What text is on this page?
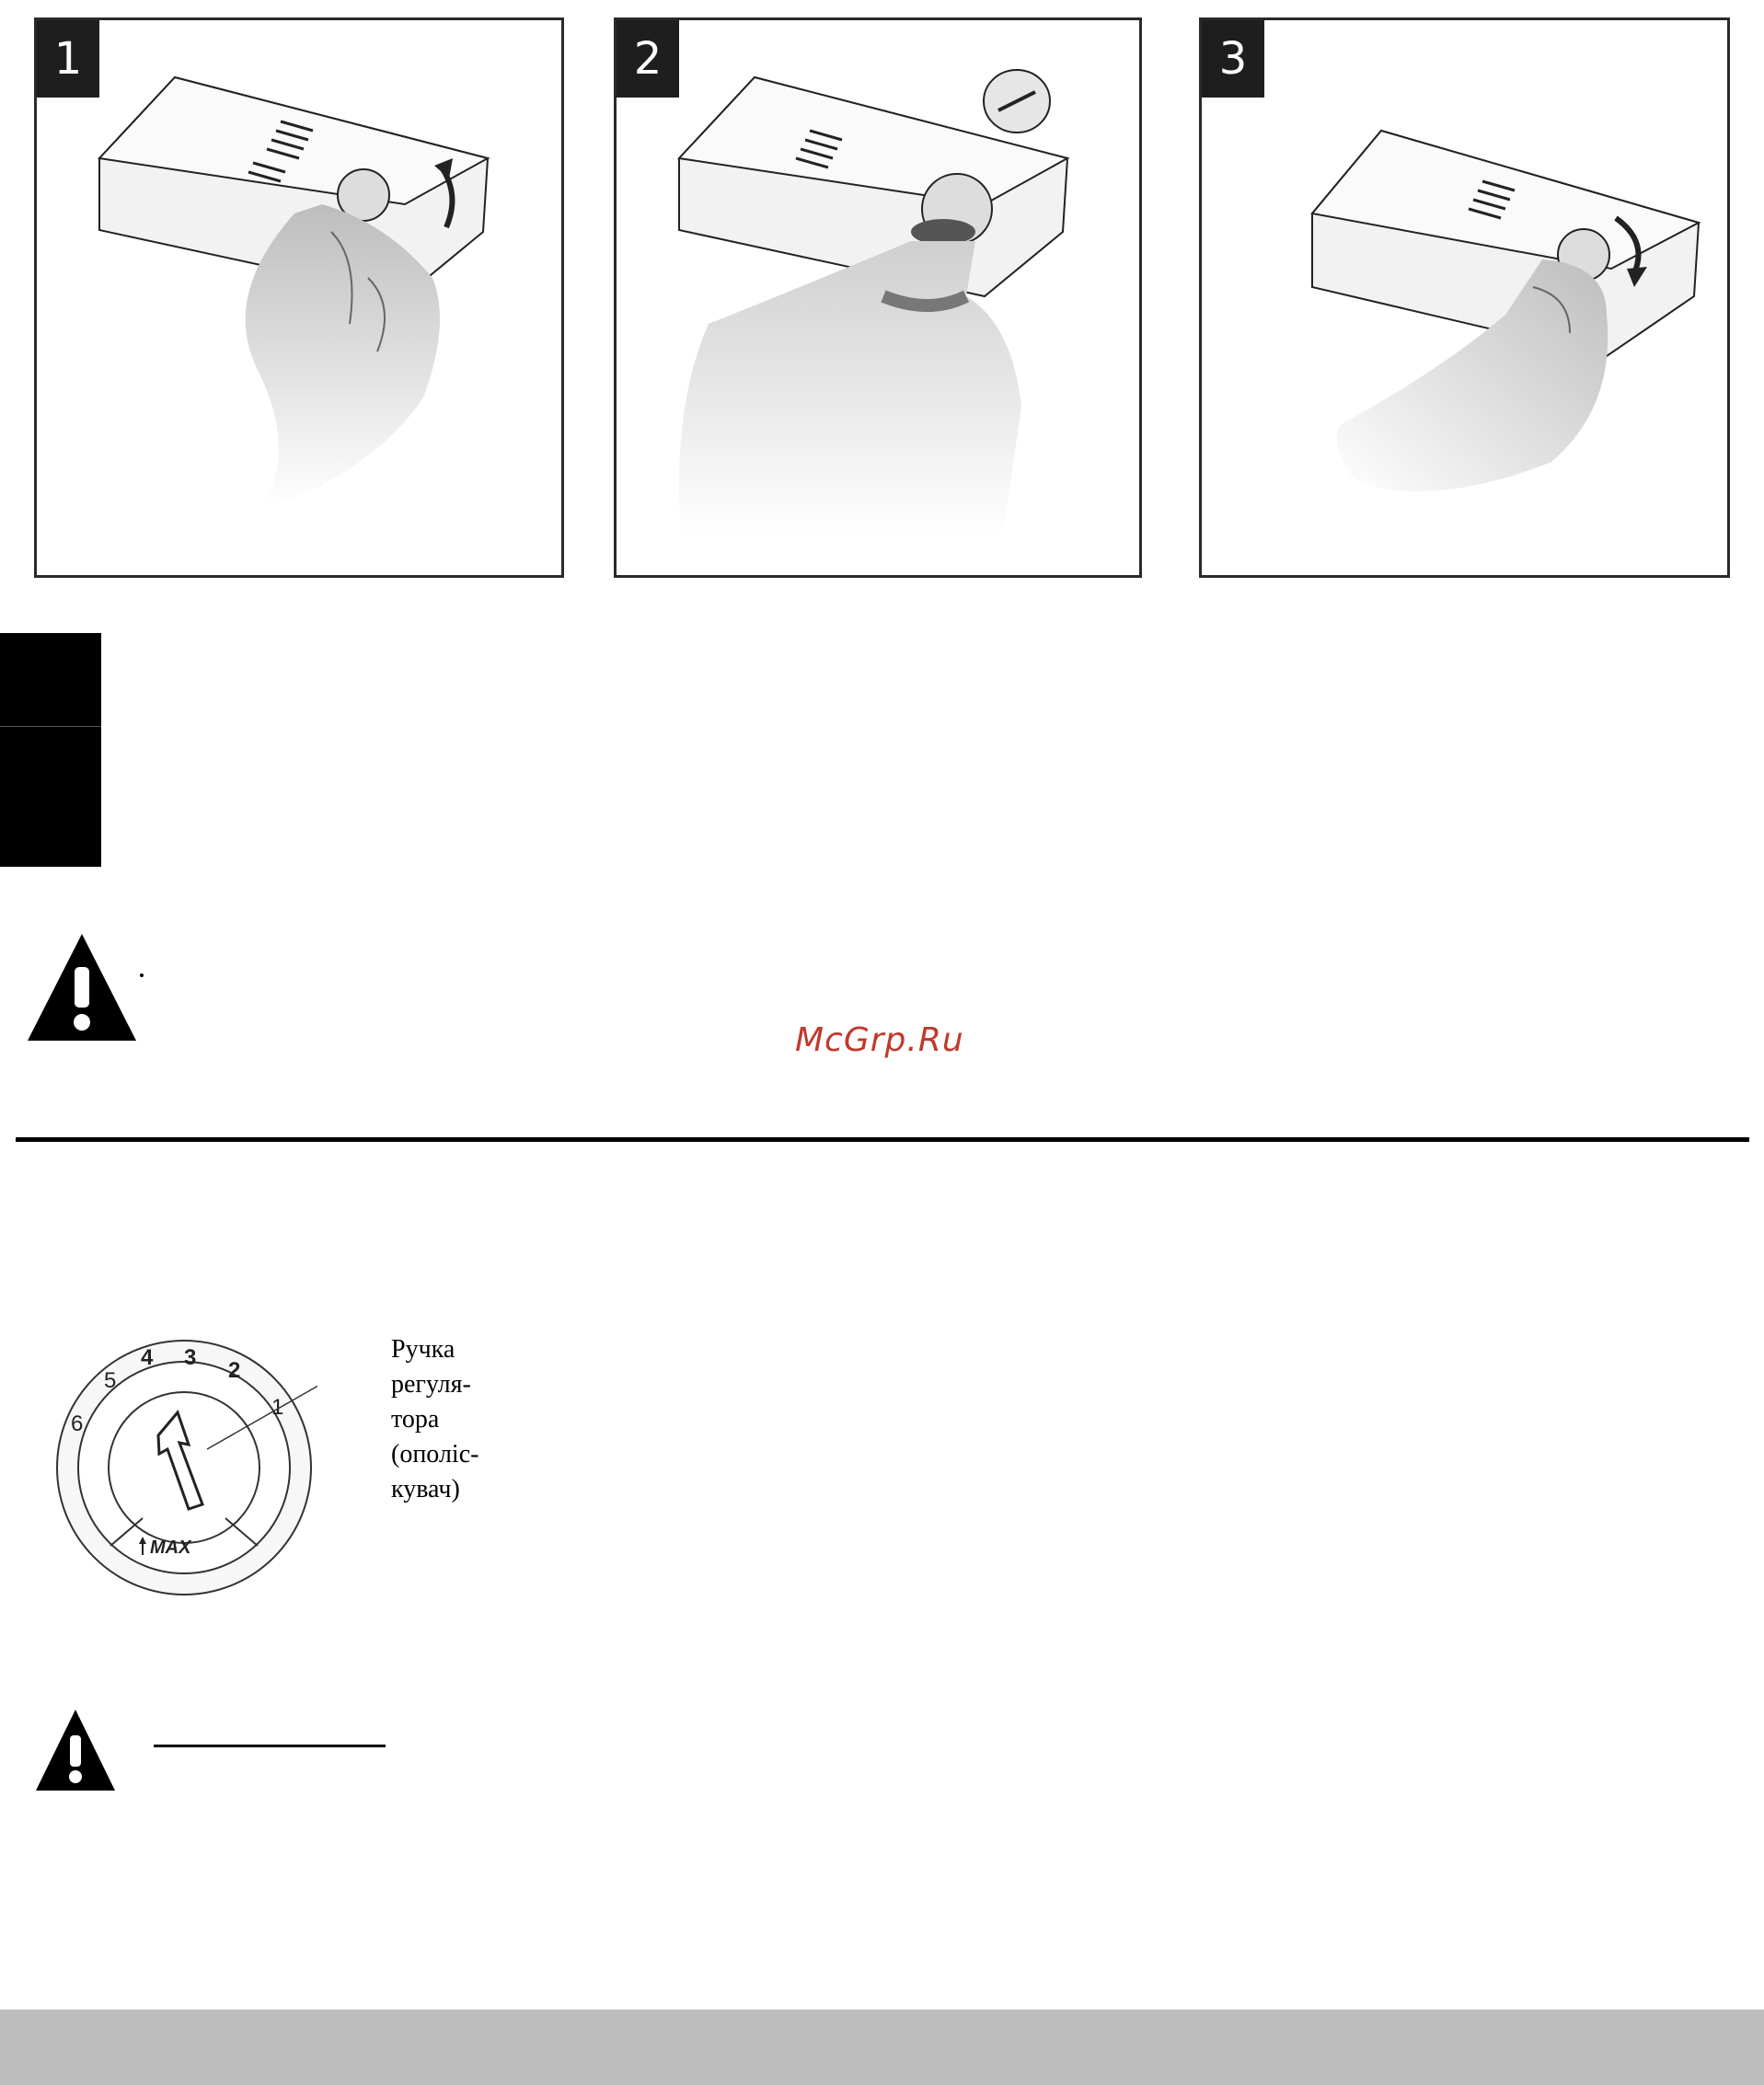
1	2	3
McGrp.Ru
6
5
4 3
2
1
MAX
Ручка
регуля-
тора
(ополіс-
кувач)
